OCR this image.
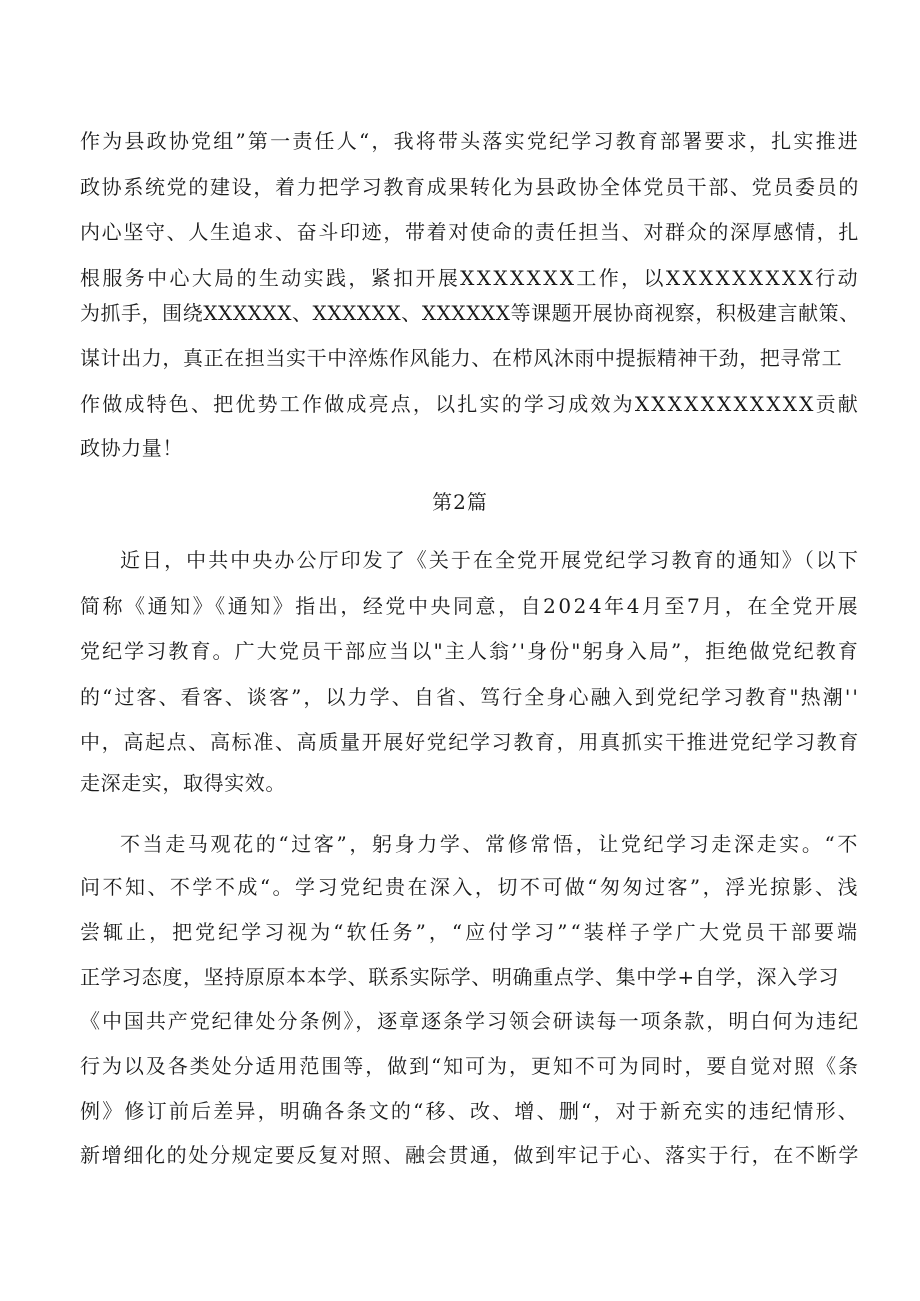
作为县政协党组”第一责任人“，我将带头落实党纪学习教育部署要求，扎实推进
政协系统党的建设，着力把学习教育成果转化为县政协全体党员干部、党员委员的
内心坚守、人生追求、奋斗印迹，带着对使命的责任担当、对群众的深厚感情，扎
根服务中心大局的生动实践，紧扣开展XXXXXXX工作，以XXXXXXXXX行动
为抓手，围绕XXXXXX、XXXXXX、XXXXXX等课题开展协商视察，积极建言献策、
谋计出力，真正在担当实干中淬炼作风能力、在栉风沐雨中提振精神干劲，把寻常工
作做成特色、把优势工作做成亮点，以扎实的学习成效为XXXXXXXXXXX贡献
政协力量！
第2篇
近日，中共中央办公厅印发了《关于在全党开展党纪学习教育的通知》（以下
简称《通知》《通知》指出，经党中央同意，自2024年4月至7月，在全党开展
党纪学习教育。广大党员干部应当以"主人翁’'身份"躬身入局”，拒绝做党纪教育
的“过客、看客、谈客”，以力学、自省、笃行全身心融入到党纪学习教育"热潮''
中，高起点、高标准、高质量开展好党纪学习教育，用真抓实干推进党纪学习教育
走深走实，取得实效。
不当走马观花的“过客”，躬身力学、常修常悟，让党纪学习走深走实。“不
问不知、不学不成“。学习党纪贵在深入，切不可做“匆匆过客”，浮光掠影、浅
尝辄止，把党纪学习视为“软任务”，“应付学习”“装样子学广大党员干部要端
正学习态度，坚持原原本本学、联系实际学、明确重点学、集中学+自学，深入学习
《中国共产党纪律处分条例》，逐章逐条学习领会研读每一项条款，明白何为违纪
行为以及各类处分适用范围等，做到“知可为，更知不可为同时，要自觉对照《条
例》修订前后差异，明确各条文的“移、改、增、删“，对于新充实的违纪情形、
新增细化的处分规定要反复对照、融会贯通，做到牢记于心、落实于行，在不断学
